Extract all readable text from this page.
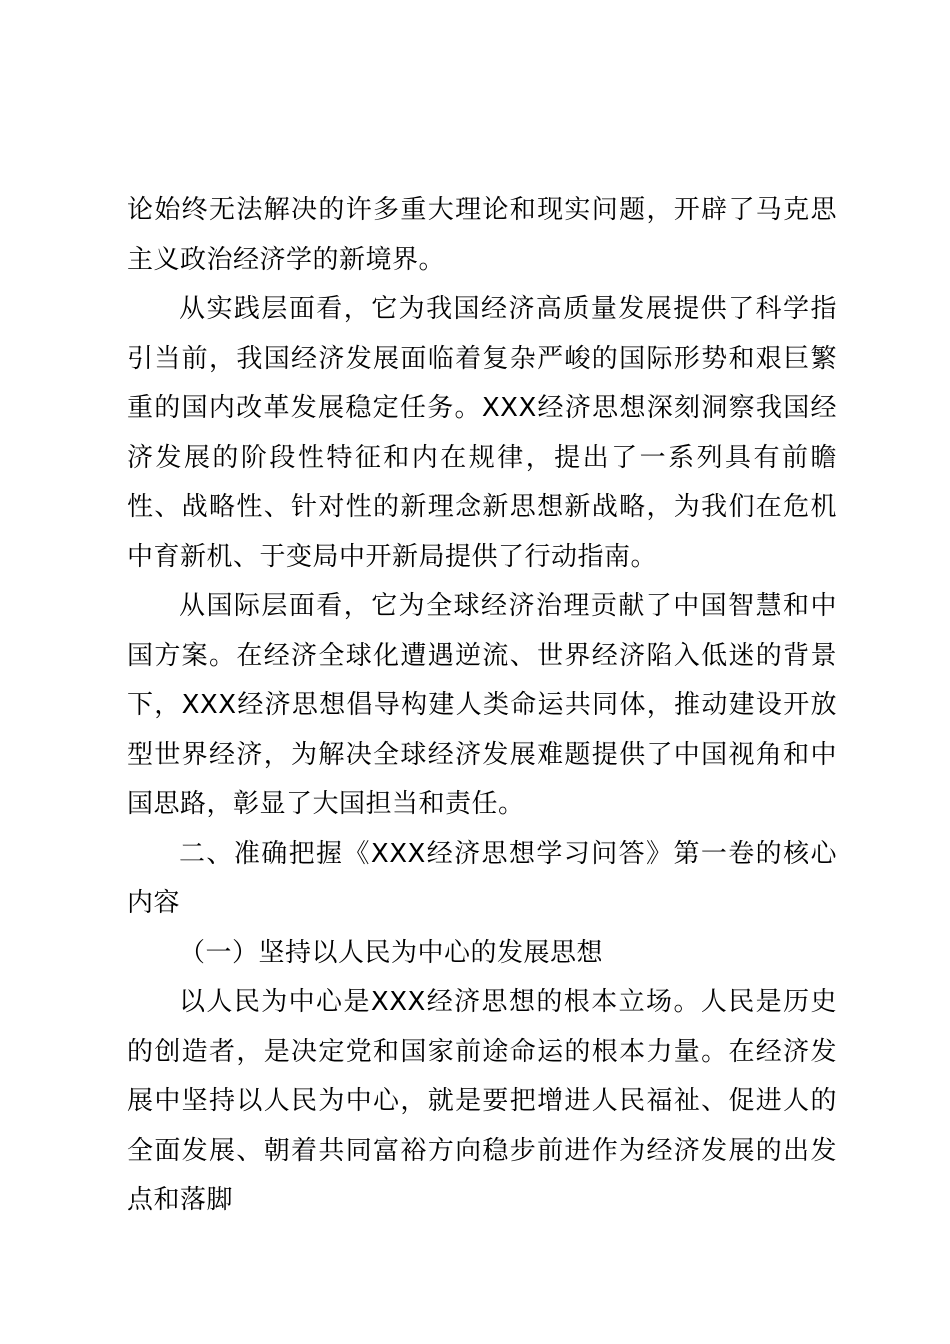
论始终无法解决的许多重大理论和现实问题，开辟了马克思主义政治经济学的新境界。

从实践层面看，它为我国经济高质量发展提供了科学指引当前，我国经济发展面临着复杂严峻的国际形势和艰巨繁重的国内改革发展稳定任务。XXX经济思想深刻洞察我国经济发展的阶段性特征和内在规律，提出了一系列具有前瞻性、战略性、针对性的新理念新思想新战略，为我们在危机中育新机、于变局中开新局提供了行动指南。

从国际层面看，它为全球经济治理贡献了中国智慧和中国方案。在经济全球化遭遇逆流、世界经济陷入低迷的背景下，XXX经济思想倡导构建人类命运共同体，推动建设开放型世界经济，为解决全球经济发展难题提供了中国视角和中国思路，彰显了大国担当和责任。

二、准确把握《XXX经济思想学习问答》第一卷的核心内容

（一）坚持以人民为中心的发展思想

以人民为中心是XXX经济思想的根本立场。人民是历史的创造者，是决定党和国家前途命运的根本力量。在经济发展中坚持以人民为中心，就是要把增进人民福祉、促进人的全面发展、朝着共同富裕方向稳步前进作为经济发展的出发点和落脚
